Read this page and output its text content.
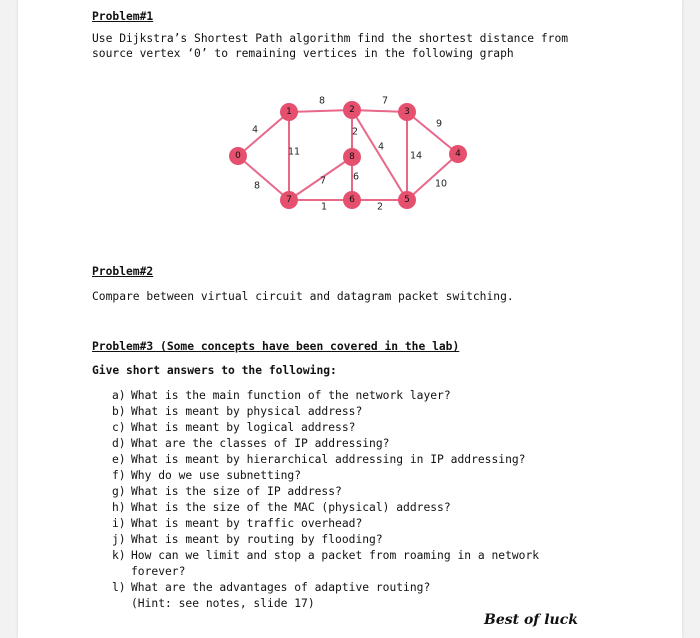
Problem#1
Use Dijkstra’s Shortest Path algorithm find the shortest distance from
source vertex ‘0’ to remaining vertices in the following graph
4
8
8
11
7
2
4
9
14
10
2
1
6
7
0
1	2	3
4
5
6
7
8
Problem#2
Compare between virtual circuit and datagram packet switching.
Problem#3 (Some concepts have been covered in the lab)
Give short answers to the following:
a) What is the main function of the network layer?
b) What is meant by physical address?
c) What is meant by logical address?
d) What are the classes of IP addressing?
e) What is meant by hierarchical addressing in IP addressing?
f) Why do we use subnetting?
g) What is the size of IP address?
h) What is the size of the MAC (physical) address?
i) What is meant by traffic overhead?
j) What is meant by routing by flooding?
k) How can we limit and stop a packet from roaming in a network
forever?
l) What are the advantages of adaptive routing?
(Hint: see notes, slide 17)
Best of luck
